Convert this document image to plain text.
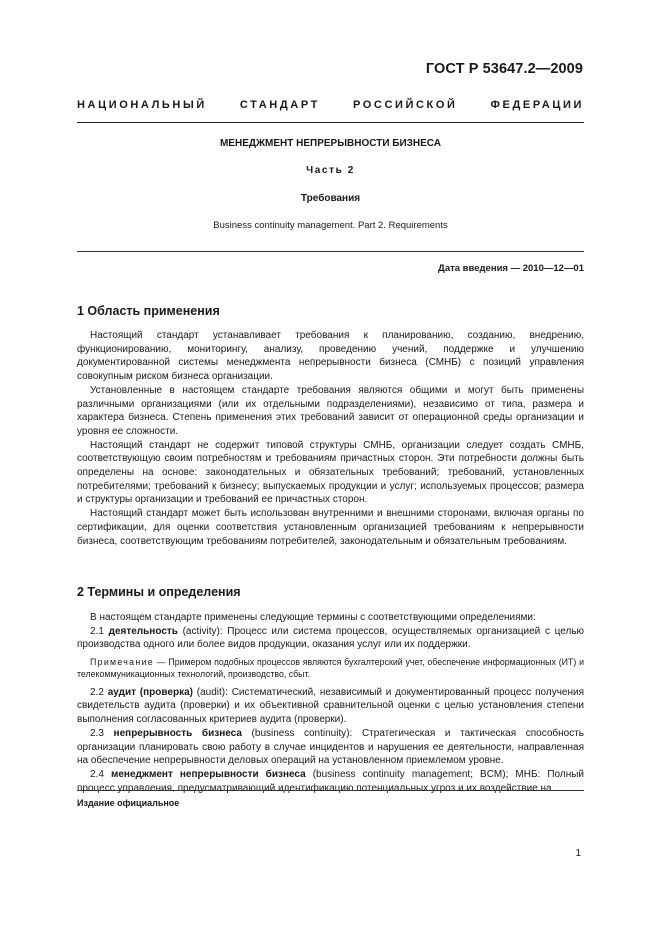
ГОСТ Р 53647.2—2009
НАЦИОНАЛЬНЫЙ СТАНДАРТ РОССИЙСКОЙ ФЕДЕРАЦИИ
МЕНЕДЖМЕНТ НЕПРЕРЫВНОСТИ БИЗНЕСА
Часть 2
Требования
Business continuity management. Part 2. Requirements
Дата введения — 2010—12—01
1 Область применения

Настоящий стандарт устанавливает требования к планированию, созданию, внедрению, функционированию, мониторингу, анализу, проведению учений, поддержке и улучшению документированной системы менеджмента непрерывности бизнеса (СМНБ) с позиций управления совокупным риском бизнеса организации.

Установленные в настоящем стандарте требования являются общими и могут быть применены различными организациями (или их отдельными подразделениями), независимо от типа, размера и характера бизнеса. Степень применения этих требований зависит от операционной среды организации и уровня ее сложности.

Настоящий стандарт не содержит типовой структуры СМНБ, организации следует создать СМНБ, соответствующую своим потребностям и требованиям причастных сторон. Эти потребности должны быть определены на основе: законодательных и обязательных требований; требований, установленных потребителями; требований к бизнесу; выпускаемых продукции и услуг; используемых процессов; размера и структуры организации и требований ее причастных сторон.

Настоящий стандарт может быть использован внутренними и внешними сторонами, включая органы по сертификации, для оценки соответствия установленным организацией требованиям к непрерывности бизнеса, соответствующим требованиям потребителей, законодательным и обязательным требованиям.

2 Термины и определения

В настоящем стандарте применены следующие термины с соответствующими определениями:

2.1 деятельность (activity): Процесс или система процессов, осуществляемых организацией с целью производства одного или более видов продукции, оказания услуг или их поддержки.

Примечание — Примером подобных процессов являются бухгалтерский учет, обеспечение информационных (ИТ) и телекоммуникационных технологий, производство, сбыт.

2.2 аудит (проверка) (audit): Систематический, независимый и документированный процесс получения свидетельств аудита (проверки) и их объективной сравнительной оценки с целью установления степени выполнения согласованных критериев аудита (проверки).

2.3 непрерывность бизнеса (business continuity): Стратегическая и тактическая способность организации планировать свою работу в случае инцидентов и нарушения ее деятельности, направленная на обеспечение непрерывности деловых операций на установленном приемлемом уровне.

2.4 менеджмент непрерывности бизнеса (business continuity management; BCM); МНБ: Полный процесс управления, предусматривающий идентификацию потенциальных угроз и их воздействие на

Издание официальное
1
